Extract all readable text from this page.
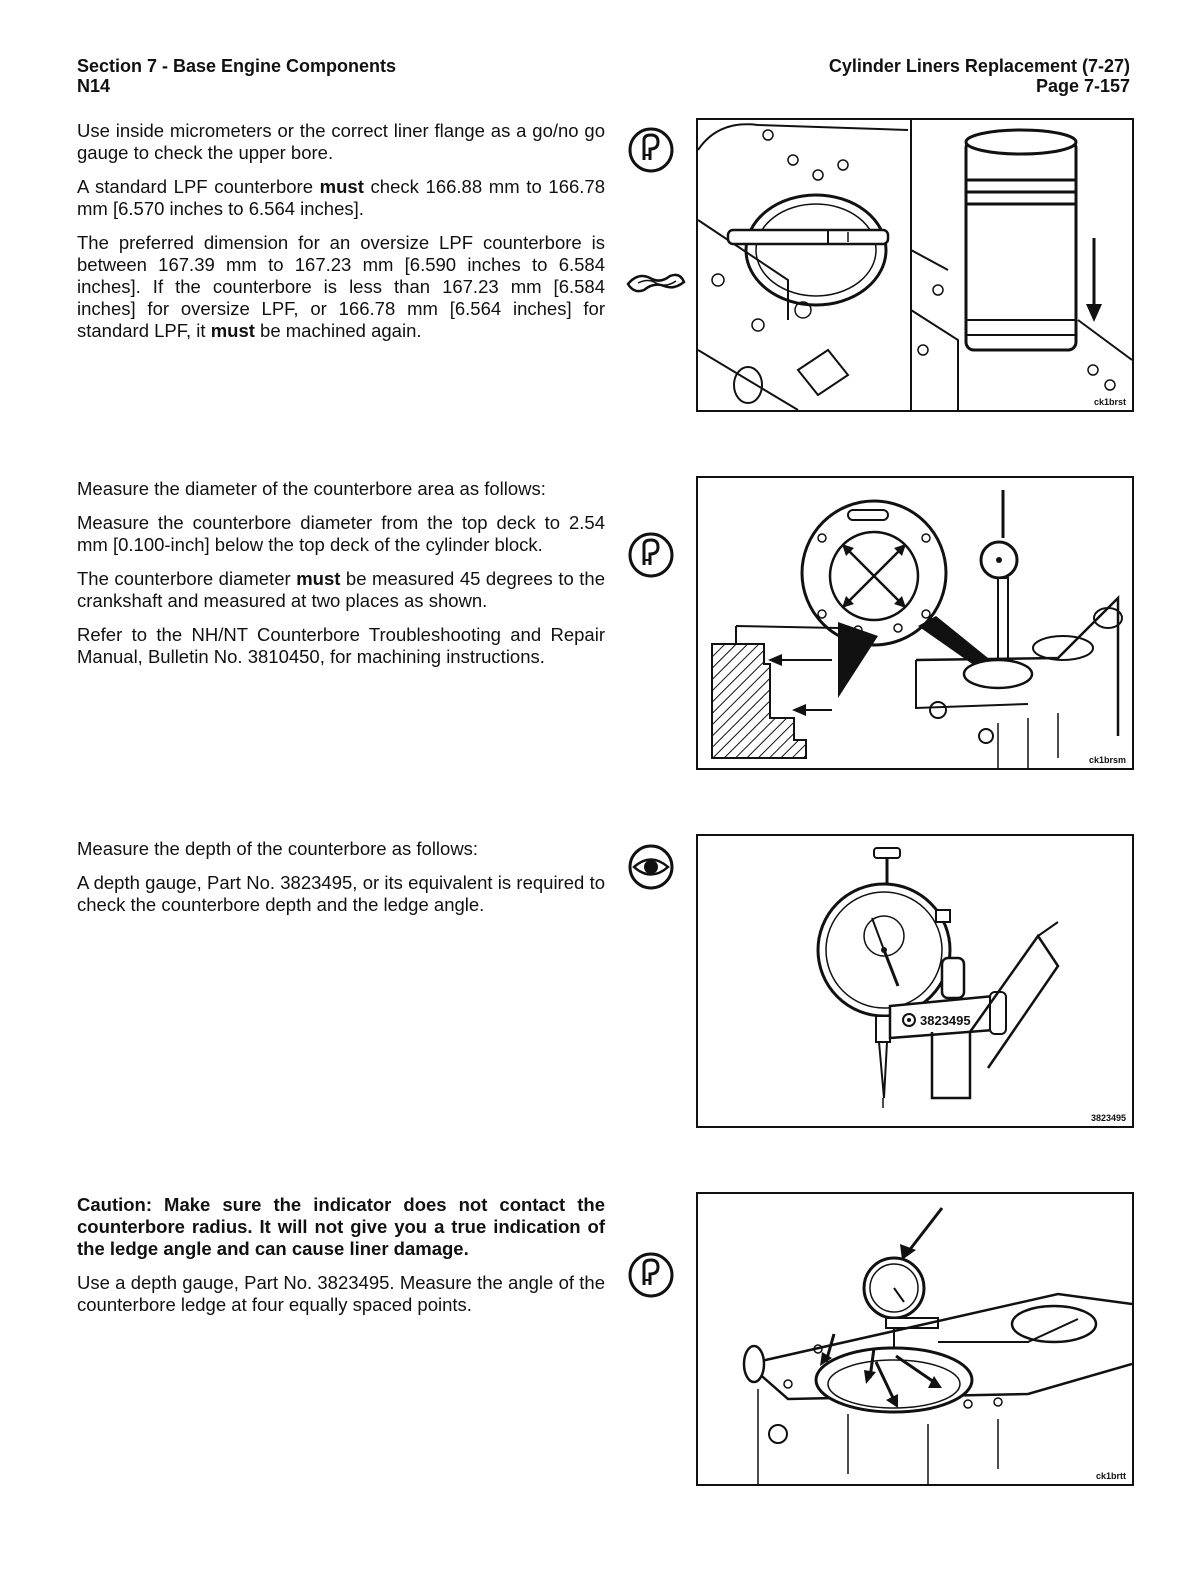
Section 7 - Base Engine Components
N14
Cylinder Liners Replacement (7-27)
Page 7-157

Use inside micrometers or the correct liner flange as a go/no go gauge to check the upper bore.

A standard LPF counterbore must check 166.88 mm to 166.78 mm [6.570 inches to 6.564 inches].

The preferred dimension for an oversize LPF counterbore is between 167.39 mm to 167.23 mm [6.590 inches to 6.584 inches]. If the counterbore is less than 167.23 mm [6.584 inches] for oversize LPF, or 166.78 mm [6.564 inches] for standard LPF, it must be machined again.

ck1brst

Measure the diameter of the counterbore area as follows:

Measure the counterbore diameter from the top deck to 2.54 mm [0.100-inch] below the top deck of the cylinder block.

The counterbore diameter must be measured 45 degrees to the crankshaft and measured at two places as shown.

Refer to the NH/NT Counterbore Troubleshooting and Repair Manual, Bulletin No. 3810450, for machining instructions.

ck1brsm

Measure the depth of the counterbore as follows:

A depth gauge, Part No. 3823495, or its equivalent is required to check the counterbore depth and the ledge angle.

3823495
3823495

Caution: Make sure the indicator does not contact the counterbore radius. It will not give you a true indication of the ledge angle and can cause liner damage.

Use a depth gauge, Part No. 3823495. Measure the angle of the counterbore ledge at four equally spaced points.

ck1brtt
